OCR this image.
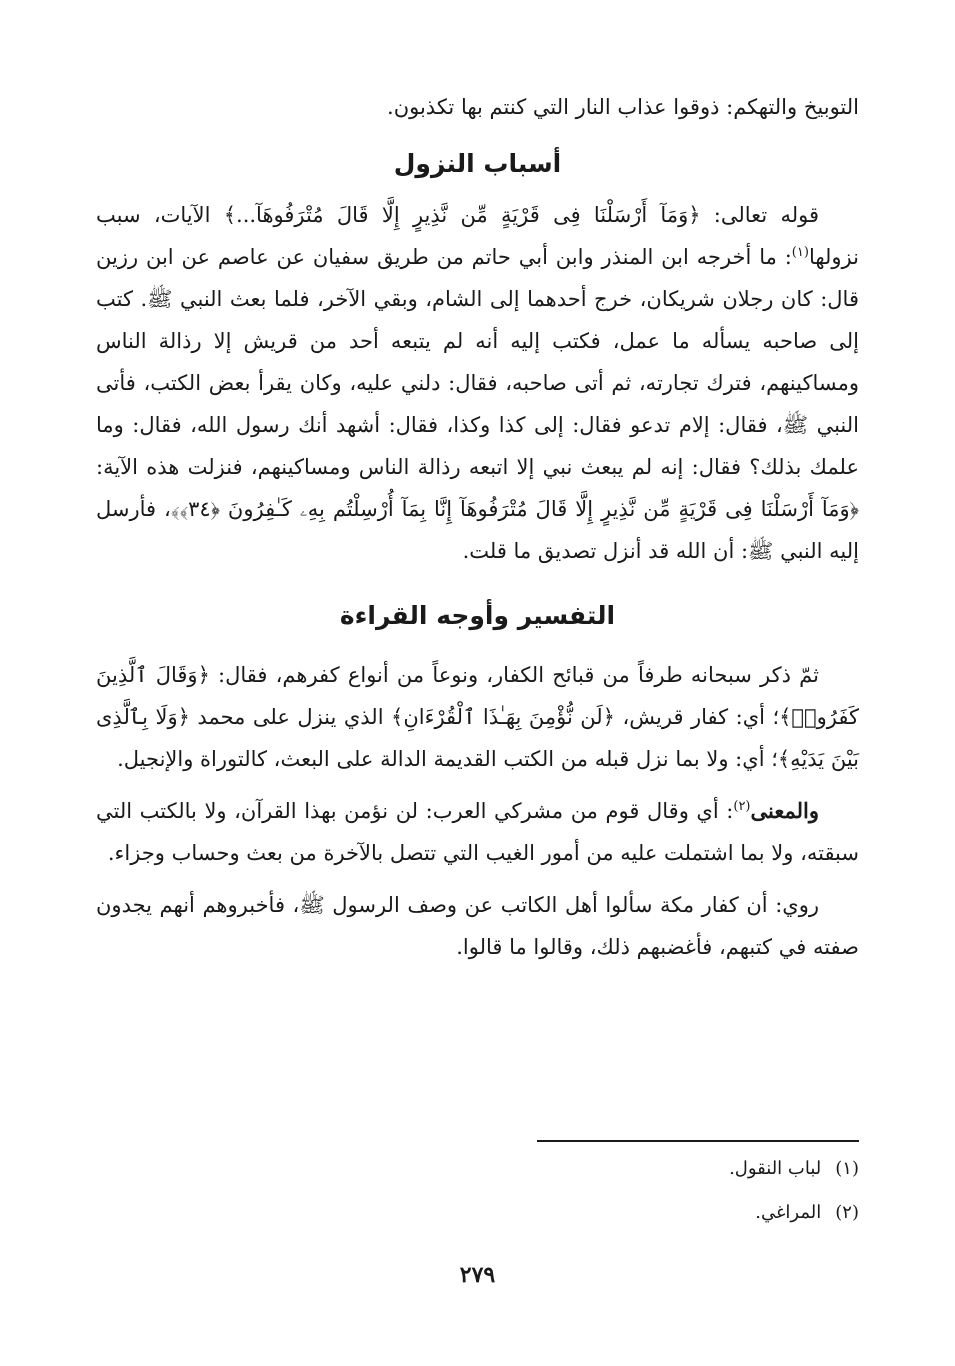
التوبيخ والتهكم: ذوقوا عذاب النار التي كنتم بها تكذبون.

أسباب النزول

قوله تعالى: ﴿وَمَآ أَرْسَلْنَا فِى قَرْيَةٍ مِّن نَّذِيرٍ إِلَّا قَالَ مُتْرَفُوهَآ...﴾ الآيات، سبب نزولها$^{(١)}$: ما أخرجه ابن المنذر وابن أبي حاتم من طريق سفيان عن عاصم عن ابن رزين قال: كان رجلان شريكان، خرج أحدهما إلى الشام، وبقي الآخر، فلما بعث النبي ﷺ. كتب إلى صاحبه يسأله ما عمل، فكتب إليه أنه لم يتبعه أحد من قريش إلا رذالة الناس ومساكينهم، فترك تجارته، ثم أتى صاحبه، فقال: دلني عليه، وكان يقرأ بعض الكتب، فأتى النبي ﷺ، فقال: إلام تدعو فقال: إلى كذا وكذا، فقال: أشهد أنك رسول الله، فقال: وما علمك بذلك؟ فقال: إنه لم يبعث نبي إلا اتبعه رذالة الناس ومساكينهم، فنزلت هذه الآية: ﴿وَمَآ أَرْسَلْنَا فِى قَرْيَةٍ مِّن نَّذِيرٍ إِلَّا قَالَ مُتْرَفُوهَآ إِنَّا بِمَآ أُرْسِلْتُم بِهِۦ كَـٰفِرُونَ ﴿٣٤﴾﴾، فأرسل إليه النبي ﷺ: أن الله قد أنزل تصديق ما قلت.

التفسير وأوجه القراءة

ثمّ ذكر سبحانه طرفاً من قبائح الكفار، ونوعاً من أنواع كفرهم، فقال: ﴿وَقَالَ ٱلَّذِينَ كَفَرُوا۟﴾؛ أي: كفار قريش، ﴿لَن نُّؤْمِنَ بِهَـٰذَا ٱلْقُرْءَانِ﴾ الذي ينزل على محمد ﴿وَلَا بِٱلَّذِى بَيْنَ يَدَيْهِ﴾؛ أي: ولا بما نزل قبله من الكتب القديمة الدالة على البعث، كالتوراة والإنجيل.

والمعنى$^{(٢)}$: أي وقال قوم من مشركي العرب: لن نؤمن بهذا القرآن، ولا بالكتب التي سبقته، ولا بما اشتملت عليه من أمور الغيب التي تتصل بالآخرة من بعث وحساب وجزاء.

روي: أن كفار مكة سألوا أهل الكاتب عن وصف الرسول ﷺ، فأخبروهم أنهم يجدون صفته في كتبهم، فأغضبهم ذلك، وقالوا ما قالوا.

(١)لباب النقول.

(٢)المراغي.

٢٧٩
